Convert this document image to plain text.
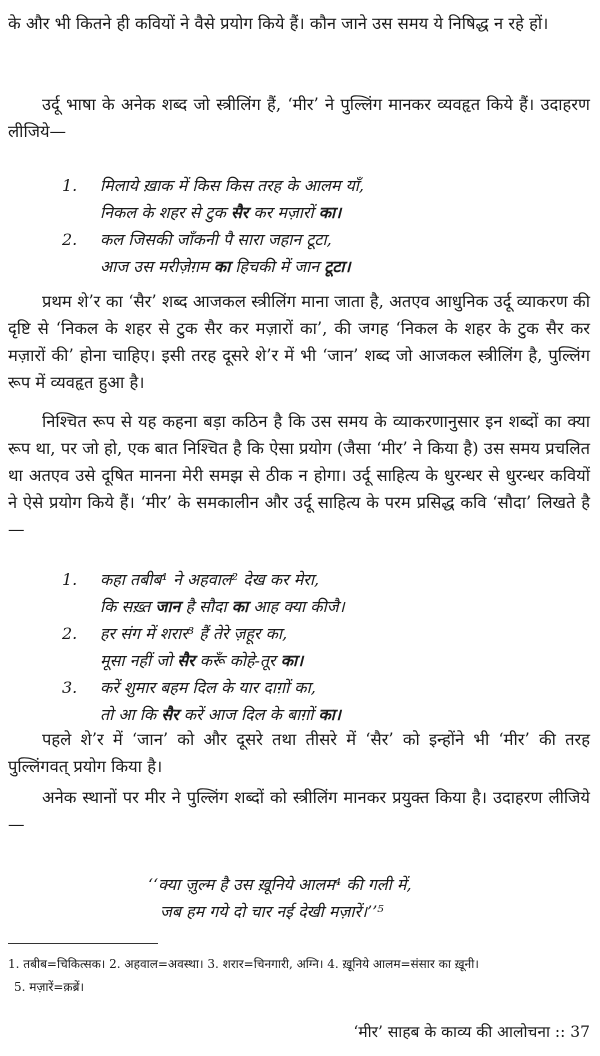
के और भी कितने ही कवियों ने वैसे प्रयोग किये हैं। कौन जाने उस समय ये निषिद्ध न रहे हों।

उर्दू भाषा के अनेक शब्द जो स्त्रीलिंग हैं, ‘मीर’ ने पुल्लिंग मानकर व्यवहृत किये हैं। उदाहरण लीजिये—

1.	मिलाये ख़ाक में किस किस तरह के आलम याँ,
निकल के शहर से टुक सैर कर मज़ारों का।
2.	कल जिसकी जाँकनी पै सारा जहान टूटा,
आज उस मरीज़ेग़म का हिचकी में जान टूटा।

प्रथम शे’र का ‘सैर’ शब्द आजकल स्त्रीलिंग माना जाता है, अतएव आधुनिक उर्दू व्याकरण की दृष्टि से ‘निकल के शहर से टुक सैर कर मज़ारों का’, की जगह ‘निकल के शहर के टुक सैर कर मज़ारों की’ होना चाहिए। इसी तरह दूसरे शे’र में भी ‘जान’ शब्द जो आजकल स्त्रीलिंग है, पुल्लिंग रूप में व्यवहृत हुआ है।

निश्चित रूप से यह कहना बड़ा कठिन है कि उस समय के व्याकरणानुसार इन शब्दों का क्या रूप था, पर जो हो, एक बात निश्चित है कि ऐसा प्रयोग (जैसा ‘मीर’ ने किया है) उस समय प्रचलित था अतएव उसे दूषित मानना मेरी समझ से ठीक न होगा। उर्दू साहित्य के धुरन्धर से धुरन्धर कवियों ने ऐसे प्रयोग किये हैं। ‘मीर’ के समकालीन और उर्दू साहित्य के परम प्रसिद्ध कवि ‘सौदा’ लिखते है—

1.	कहा तबीब¹ ने अहवाल² देख कर मेरा,
कि सख़्त जान है सौदा का आह क्या कीजै।
2.	हर संग में शरार³ हैं तेरे ज़हूर का,
मूसा नहीं जो सैर करूँ कोहे-तूर का।
3.	करें शुमार बहम दिल के यार दाग़ों का,
तो आ कि सैर करें आज दिल के बाग़ों का।

पहले शे’र में ‘जान’ को और दूसरे तथा तीसरे में ‘सैर’ को इन्होंने भी ‘मीर’ की तरह पुल्लिंगवत् प्रयोग किया है।

अनेक स्थानों पर मीर ने पुल्लिंग शब्दों को स्त्रीलिंग मानकर प्रयुक्त किया है। उदाहरण लीजिये—

‘‘क्या ज़ुल्म है उस ख़ूनिये आलम⁴ की गली में,
जब हम गये दो चार नई देखी मज़ारें।’’⁵
1. तबीब=चिकित्सक। 2. अहवाल=अवस्था। 3. शरार=चिनगारी, अग्नि। 4. ख़ूनिये आलम=संसार का ख़ूनी।
5. मज़ारें=क़ब्रें।
‘मीर’ साहब के काव्य की आलोचना :: 37
